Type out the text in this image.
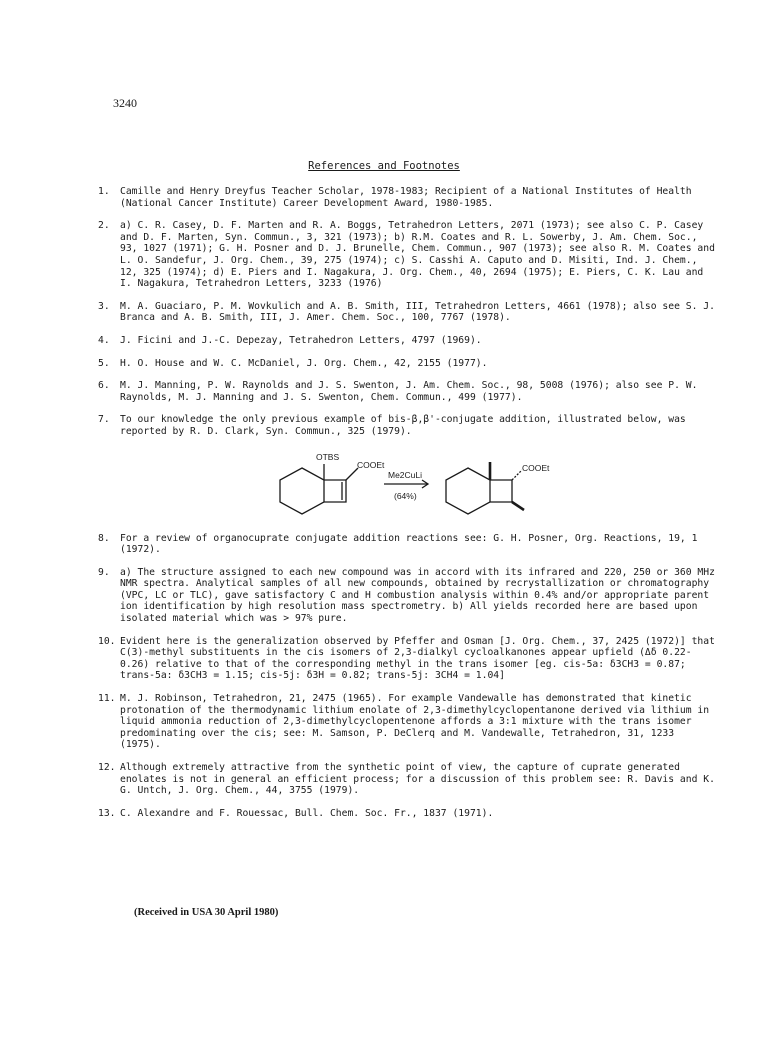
3240
References and Footnotes
1. Camille and Henry Dreyfus Teacher Scholar, 1978-1983; Recipient of a National Institutes of Health (National Cancer Institute) Career Development Award, 1980-1985.
2. a) C. R. Casey, D. F. Marten and R. A. Boggs, Tetrahedron Letters, 2071 (1973); see also C. P. Casey and D. F. Marten, Syn. Commun., 3, 321 (1973); b) R.M. Coates and R. L. Sowerby, J. Am. Chem. Soc., 93, 1027 (1971); G. H. Posner and D. J. Brunelle, Chem. Commun., 907 (1973); see also R. M. Coates and L. O. Sandefur, J. Org. Chem., 39, 275 (1974); c) S. Casshi A. Caputo and D. Misiti, Ind. J. Chem., 12, 325 (1974); d) E. Piers and I. Nagakura, J. Org. Chem., 40, 2694 (1975); E. Piers, C. K. Lau and I. Nagakura, Tetrahedron Letters, 3233 (1976)
3. M. A. Guaciaro, P. M. Wovkulich and A. B. Smith, III, Tetrahedron Letters, 4661 (1978); also see S. J. Branca and A. B. Smith, III, J. Amer. Chem. Soc., 100, 7767 (1978).
4. J. Ficini and J.-C. Depezay, Tetrahedron Letters, 4797 (1969).
5. H. O. House and W. C. McDaniel, J. Org. Chem., 42, 2155 (1977).
6. M. J. Manning, P. W. Raynolds and J. S. Swenton, J. Am. Chem. Soc., 98, 5008 (1976); also see P. W. Raynolds, M. J. Manning and J. S. Swenton, Chem. Commun., 499 (1977).
7. To our knowledge the only previous example of bis-β,β'-conjugate addition, illustrated below, was reported by R. D. Clark, Syn. Commun., 325 (1979).
OTBS
COOEt
Me2CuLi
(64%)
COOEt
8. For a review of organocuprate conjugate addition reactions see: G. H. Posner, Org. Reactions, 19, 1 (1972).
9. a) The structure assigned to each new compound was in accord with its infrared and 220, 250 or 360 MHz NMR spectra. Analytical samples of all new compounds, obtained by recrystallization or chromatography (VPC, LC or TLC), gave satisfactory C and H combustion analysis within 0.4% and/or appropriate parent ion identification by high resolution mass spectrometry. b) All yields recorded here are based upon isolated material which was > 97% pure.
10. Evident here is the generalization observed by Pfeffer and Osman [J. Org. Chem., 37, 2425 (1972)] that C(3)-methyl substituents in the cis isomers of 2,3-dialkyl cycloalkanones appear upfield (Δδ 0.22-0.26) relative to that of the corresponding methyl in the trans isomer [eg. cis-5a: δ3CH3 = 0.87; trans-5a: δ3CH3 = 1.15; cis-5j: δ3H = 0.82; trans-5j: 3CH4 = 1.04]
11. M. J. Robinson, Tetrahedron, 21, 2475 (1965). For example Vandewalle has demonstrated that kinetic protonation of the thermodynamic lithium enolate of 2,3-dimethylcyclopentanone derived via lithium in liquid ammonia reduction of 2,3-dimethylcyclopentenone affords a 3:1 mixture with the trans isomer predominating over the cis; see: M. Samson, P. DeClerq and M. Vandewalle, Tetrahedron, 31, 1233 (1975).
12. Although extremely attractive from the synthetic point of view, the capture of cuprate generated enolates is not in general an efficient process; for a discussion of this problem see: R. Davis and K. G. Untch, J. Org. Chem., 44, 3755 (1979).
13. C. Alexandre and F. Rouessac, Bull. Chem. Soc. Fr., 1837 (1971).
(Received in USA 30 April 1980)
